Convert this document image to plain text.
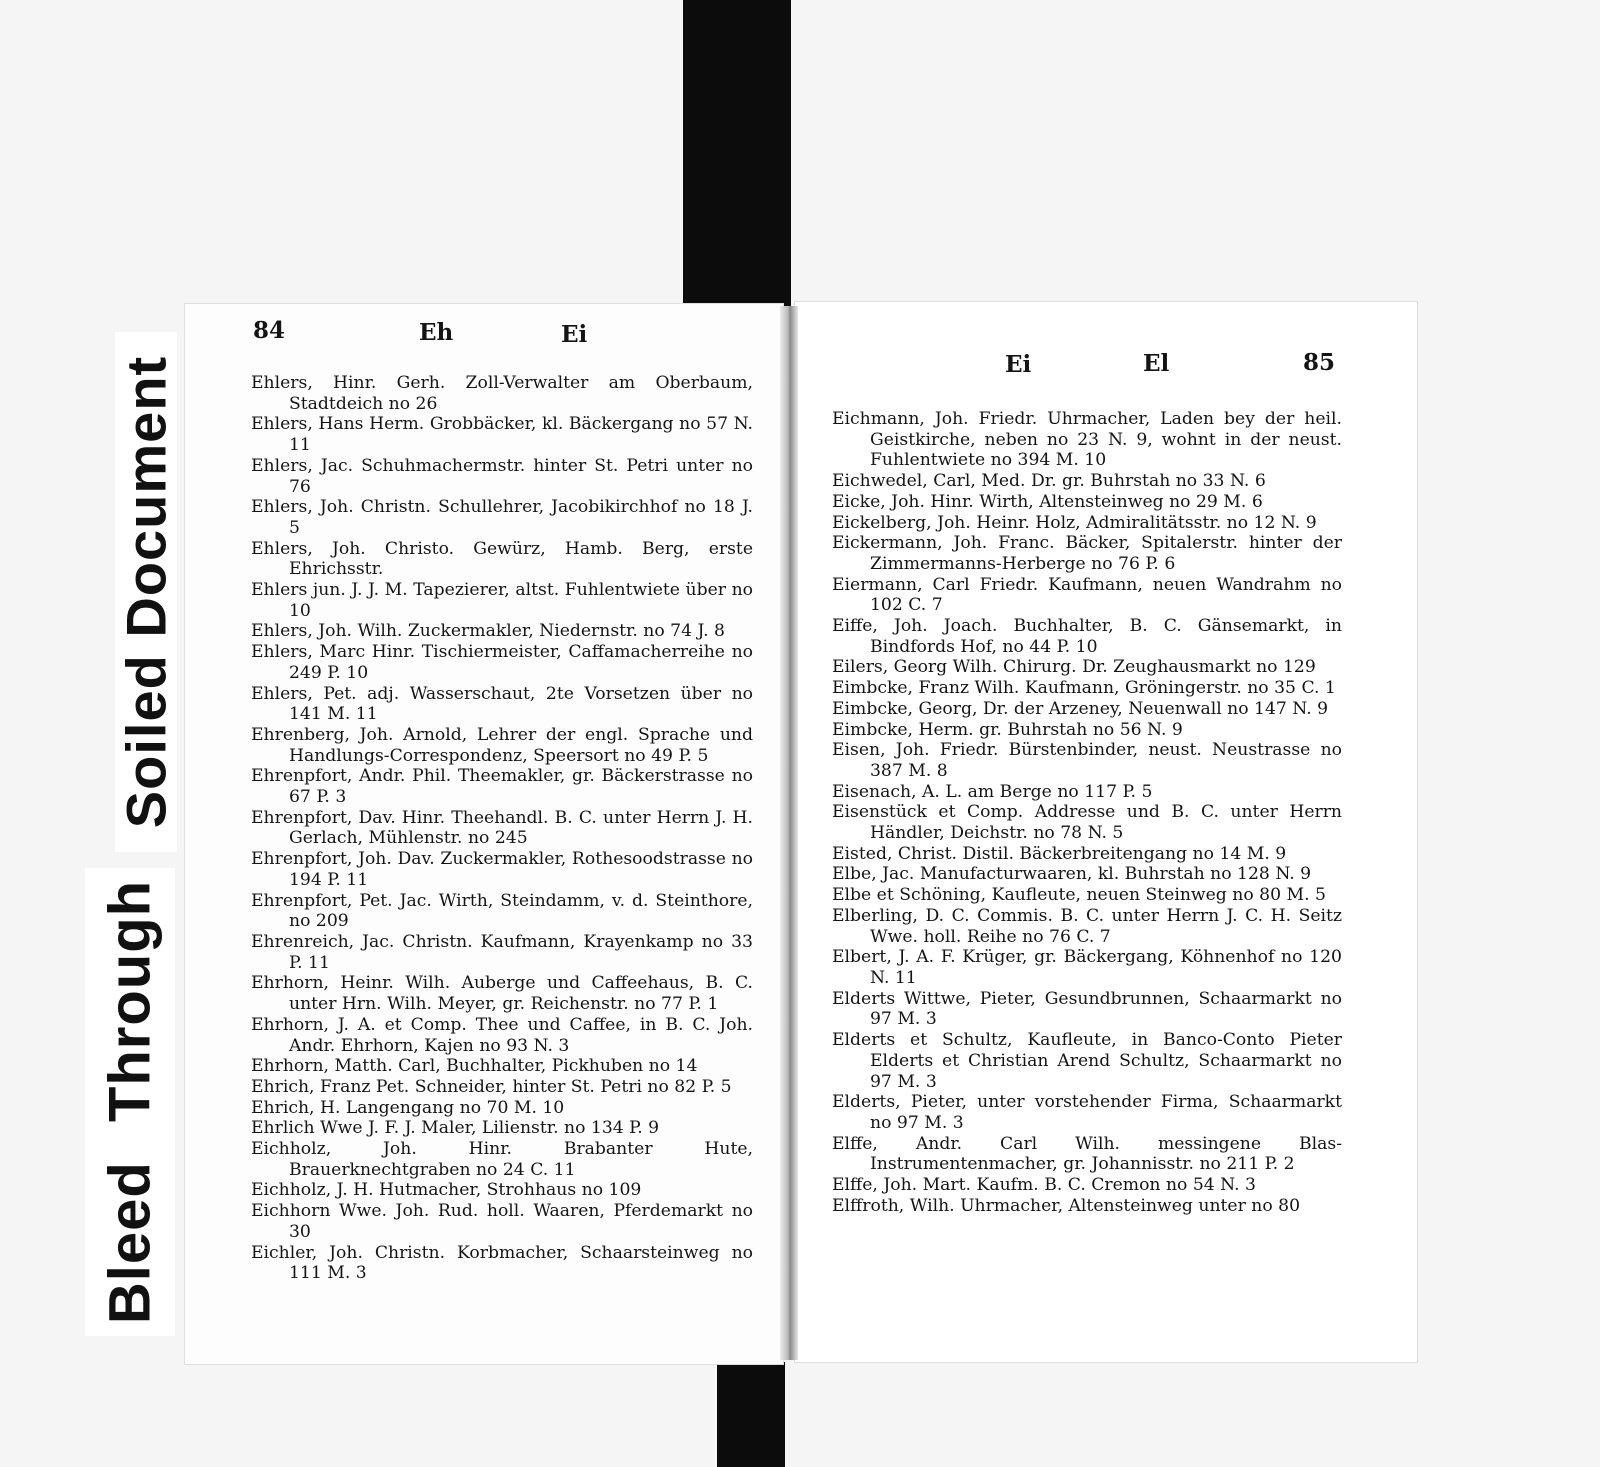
Soiled Document
Bleed Through
84	Eh	Ei
Ehlers, Hinr. Gerh. Zoll-Verwalter am Oberbaum, Stadtdeich no 26
Ehlers, Hans Herm. Grobbäcker, kl. Bäckergang no 57 N. 11
Ehlers, Jac. Schuhmachermstr. hinter St. Petri unter no 76
Ehlers, Joh. Christn. Schullehrer, Jacobikirchhof no 18 J. 5
Ehlers, Joh. Christo. Gewürz, Hamb. Berg, erste Ehrichsstr.
Ehlers jun. J. J. M. Tapezierer, altst. Fuhlentwiete über no 10
Ehlers, Joh. Wilh. Zuckermakler, Niedernstr. no 74 J. 8
Ehlers, Marc Hinr. Tischiermeister, Caffamacherreihe no 249 P. 10
Ehlers, Pet. adj. Wasserschaut, 2te Vorsetzen über no 141 M. 11
Ehrenberg, Joh. Arnold, Lehrer der engl. Sprache und Handlungs-Correspondenz, Speersort no 49 P. 5
Ehrenpfort, Andr. Phil. Theemakler, gr. Bäckerstrasse no 67 P. 3
Ehrenpfort, Dav. Hinr. Theehandl. B. C. unter Herrn J. H. Gerlach, Mühlenstr. no 245
Ehrenpfort, Joh. Dav. Zuckermakler, Rothesoodstrasse no 194 P. 11
Ehrenpfort, Pet. Jac. Wirth, Steindamm, v. d. Steinthore, no 209
Ehrenreich, Jac. Christn. Kaufmann, Krayenkamp no 33 P. 11
Ehrhorn, Heinr. Wilh. Auberge und Caffeehaus, B. C. unter Hrn. Wilh. Meyer, gr. Reichenstr. no 77 P. 1
Ehrhorn, J. A. et Comp. Thee und Caffee, in B. C. Joh. Andr. Ehrhorn, Kajen no 93 N. 3
Ehrhorn, Matth. Carl, Buchhalter, Pickhuben no 14
Ehrich, Franz Pet. Schneider, hinter St. Petri no 82 P. 5
Ehrich, H. Langengang no 70 M. 10
Ehrlich Wwe J. F. J. Maler, Lilienstr. no 134 P. 9
Eichholz, Joh. Hinr. Brabanter Hute, Brauerknechtgraben no 24 C. 11
Eichholz, J. H. Hutmacher, Strohhaus no 109
Eichhorn Wwe. Joh. Rud. holl. Waaren, Pferdemarkt no 30
Eichler, Joh. Christn. Korbmacher, Schaarsteinweg no 111 M. 3
Ei	El	85
Eichmann, Joh. Friedr. Uhrmacher, Laden bey der heil. Geistkirche, neben no 23 N. 9, wohnt in der neust. Fuhlentwiete no 394 M. 10
Eichwedel, Carl, Med. Dr. gr. Buhrstah no 33 N. 6
Eicke, Joh. Hinr. Wirth, Altensteinweg no 29 M. 6
Eickelberg, Joh. Heinr. Holz, Admiralitätsstr. no 12 N. 9
Eickermann, Joh. Franc. Bäcker, Spitalerstr. hinter der Zimmermanns-Herberge no 76 P. 6
Eiermann, Carl Friedr. Kaufmann, neuen Wandrahm no 102 C. 7
Eiffe, Joh. Joach. Buchhalter, B. C. Gänsemarkt, in Bindfords Hof, no 44 P. 10
Eilers, Georg Wilh. Chirurg. Dr. Zeughausmarkt no 129
Eimbcke, Franz Wilh. Kaufmann, Gröningerstr. no 35 C. 1
Eimbcke, Georg, Dr. der Arzeney, Neuenwall no 147 N. 9
Eimbcke, Herm. gr. Buhrstah no 56 N. 9
Eisen, Joh. Friedr. Bürstenbinder, neust. Neustrasse no 387 M. 8
Eisenach, A. L. am Berge no 117 P. 5
Eisenstück et Comp. Addresse und B. C. unter Herrn Händler, Deichstr. no 78 N. 5
Eisted, Christ. Distil. Bäckerbreitengang no 14 M. 9
Elbe, Jac. Manufacturwaaren, kl. Buhrstah no 128 N. 9
Elbe et Schöning, Kaufleute, neuen Steinweg no 80 M. 5
Elberling, D. C. Commis. B. C. unter Herrn J. C. H. Seitz Wwe. holl. Reihe no 76 C. 7
Elbert, J. A. F. Krüger, gr. Bäckergang, Köhnenhof no 120 N. 11
Elderts Wittwe, Pieter, Gesundbrunnen, Schaarmarkt no 97 M. 3
Elderts et Schultz, Kaufleute, in Banco-Conto Pieter Elderts et Christian Arend Schultz, Schaarmarkt no 97 M. 3
Elderts, Pieter, unter vorstehender Firma, Schaarmarkt no 97 M. 3
Elffe, Andr. Carl Wilh. messingene Blas-Instrumentenmacher, gr. Johannisstr. no 211 P. 2
Elffe, Joh. Mart. Kaufm. B. C. Cremon no 54 N. 3
Elffroth, Wilh. Uhrmacher, Altensteinweg unter no 80
